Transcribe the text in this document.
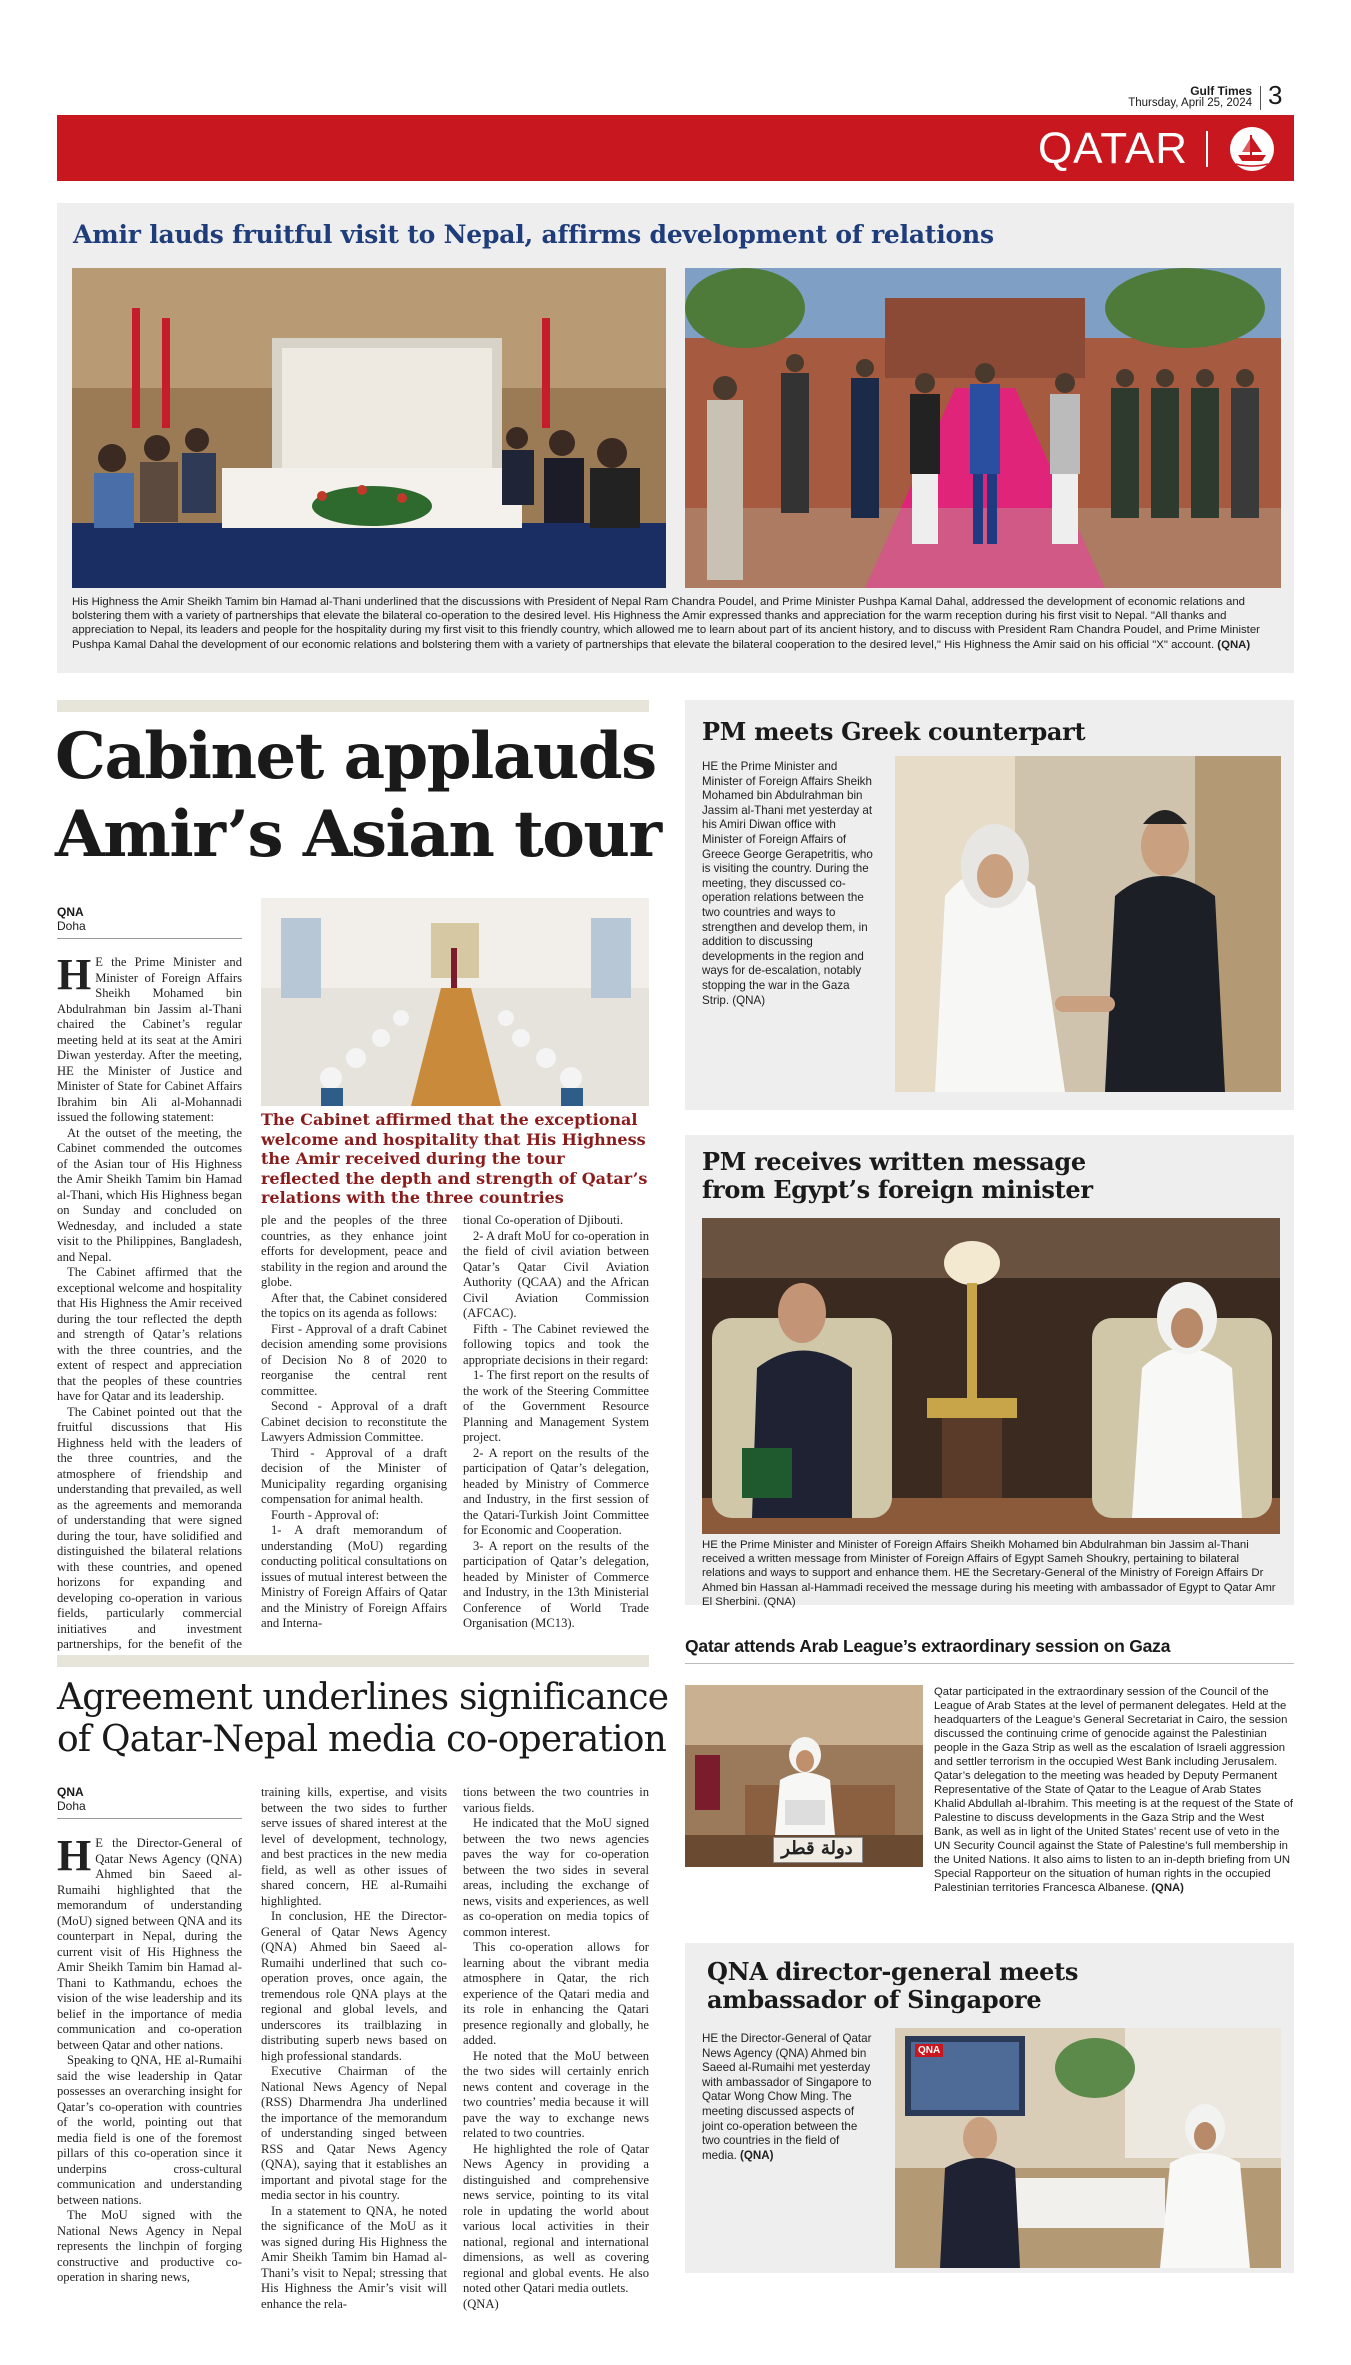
Gulf Times
Thursday, April 25, 2024 3
QATAR
Amir lauds fruitful visit to Nepal, affirms development of relations
His Highness the Amir Sheikh Tamim bin Hamad al-Thani underlined that the discussions with President of Nepal Ram Chandra Poudel, and Prime Minister Pushpa Kamal Dahal, addressed the development of economic relations and bolstering them with a variety of partnerships that elevate the bilateral co-operation to the desired level. His Highness the Amir expressed thanks and appreciation for the warm reception during his first visit to Nepal. "All thanks and appreciation to Nepal, its leaders and people for the hospitality during my first visit to this friendly country, which allowed me to learn about part of its ancient history, and to discuss with President Ram Chandra Poudel, and Prime Minister Pushpa Kamal Dahal the development of our economic relations and bolstering them with a variety of partnerships that elevate the bilateral cooperation to the desired level," His Highness the Amir said on his official "X" account. (QNA)
Cabinet applauds
Amir’s Asian tour
QNA
Doha

HE the Prime Minister and Minister of Foreign Affairs Sheikh Mohamed bin Abdulrahman bin Jassim al-Thani chaired the Cabinet’s regular meeting held at its seat at the Amiri Diwan yesterday. After the meeting, HE the Minister of Justice and Minister of State for Cabinet Affairs Ibrahim bin Ali al-Mohannadi issued the following statement:

At the outset of the meeting, the Cabinet commended the outcomes of the Asian tour of His Highness the Amir Sheikh Tamim bin Hamad al-Thani, which His Highness began on Sunday and concluded on Wednesday, and included a state visit to the Philippines, Bangladesh, and Nepal.

The Cabinet affirmed that the exceptional welcome and hospitality that His Highness the Amir received during the tour reflected the depth and strength of Qatar’s relations with the three countries, and the extent of respect and appreciation that the peoples of these countries have for Qatar and its leadership.

The Cabinet pointed out that the fruitful discussions that His Highness held with the leaders of the three countries, and the atmosphere of friendship and understanding that prevailed, as well as the agreements and memoranda of understanding that were signed during the tour, have solidified and distinguished the bilateral relations with these countries, and opened horizons for expanding and developing co-operation in various fields, particularly commercial initiatives and investment partnerships, for the benefit of the

The Cabinet affirmed that the exceptional welcome and hospitality that His Highness the Amir received during the tour reflected the depth and strength of Qatar’s relations with the three countries

ple and the peoples of the three countries, as they enhance joint efforts for development, peace and stability in the region and around the globe.

After that, the Cabinet considered the topics on its agenda as follows:

First - Approval of a draft Cabinet decision amending some provisions of Decision No 8 of 2020 to reorganise the central rent committee.

Second - Approval of a draft Cabinet decision to reconstitute the Lawyers Admission Committee.

Third - Approval of a draft decision of the Minister of Municipality regarding organising compensation for animal health.

Fourth - Approval of:

1- A draft memorandum of understanding (MoU) regarding conducting political consultations on issues of mutual interest between the Ministry of Foreign Affairs of Qatar and the Ministry of Foreign Affairs and Interna-

tional Co-operation of Djibouti.

2- A draft MoU for co-operation in the field of civil aviation between Qatar’s Qatar Civil Aviation Authority (QCAA) and the African Civil Aviation Commission (AFCAC).

Fifth - The Cabinet reviewed the following topics and took the appropriate decisions in their regard:

1- The first report on the results of the work of the Steering Committee of the Government Resource Planning and Management System project.

2- A report on the results of the participation of Qatar’s delegation, headed by Ministry of Commerce and Industry, in the first session of the Qatari-Turkish Joint Committee for Economic and Cooperation.

3- A report on the results of the participation of Qatar’s delegation, headed by Minister of Commerce and Industry, in the 13th Ministerial Conference of World Trade Organisation (MC13).

PM meets Greek counterpart
HE the Prime Minister and Minister of Foreign Affairs Sheikh Mohamed bin Abdulrahman bin Jassim al-Thani met yesterday at his Amiri Diwan office with Minister of Foreign Affairs of Greece George Gerapetritis, who is visiting the country. During the meeting, they discussed co-operation relations between the two countries and ways to strengthen and develop them, in addition to discussing developments in the region and ways for de-escalation, notably stopping the war in the Gaza Strip. (QNA)
PM receives written message
from Egypt’s foreign minister
HE the Prime Minister and Minister of Foreign Affairs Sheikh Mohamed bin Abdulrahman bin Jassim al-Thani received a written message from Minister of Foreign Affairs of Egypt Sameh Shoukry, pertaining to bilateral relations and ways to support and enhance them. HE the Secretary-General of the Ministry of Foreign Affairs Dr Ahmed bin Hassan al-Hammadi received the message during his meeting with ambassador of Egypt to Qatar Amr El Sherbini. (QNA)
Qatar attends Arab League’s extraordinary session on Gaza
دولة قطر
Qatar participated in the extraordinary session of the Council of the League of Arab States at the level of permanent delegates. Held at the headquarters of the League’s General Secretariat in Cairo, the session discussed the continuing crime of genocide against the Palestinian people in the Gaza Strip as well as the escalation of Israeli aggression and settler terrorism in the occupied West Bank including Jerusalem. Qatar’s delegation to the meeting was headed by Deputy Permanent Representative of the State of Qatar to the League of Arab States Khalid Abdullah al-Ibrahim. This meeting is at the request of the State of Palestine to discuss developments in the Gaza Strip and the West Bank, as well as in light of the United States’ recent use of veto in the UN Security Council against the State of Palestine’s full membership in the United Nations. It also aims to listen to an in-depth briefing from UN Special Rapporteur on the situation of human rights in the occupied Palestinian territories Francesca Albanese. (QNA)
Agreement underlines significance
of Qatar-Nepal media co-operation
QNA
Doha

HE the Director-General of Qatar News Agency (QNA) Ahmed bin Saeed al-Rumaihi highlighted that the memorandum of understanding (MoU) signed between QNA and its counterpart in Nepal, during the current visit of His Highness the Amir Sheikh Tamim bin Hamad al-Thani to Kathmandu, echoes the vision of the wise leadership and its belief in the importance of media communication and co-operation between Qatar and other nations.

Speaking to QNA, HE al-Rumaihi said the wise leadership in Qatar possesses an overarching insight for Qatar’s co-operation with countries of the world, pointing out that media field is one of the foremost pillars of this co-operation since it underpins cross-cultural communication and understanding between nations.

The MoU signed with the National News Agency in Nepal represents the linchpin of forging constructive and productive co-operation in sharing news,

training kills, expertise, and visits between the two sides to further serve issues of shared interest at the level of development, technology, and best practices in the new media field, as well as other issues of shared concern, HE al-Rumaihi highlighted.

In conclusion, HE the Director-General of Qatar News Agency (QNA) Ahmed bin Saeed al-Rumaihi underlined that such co-operation proves, once again, the tremendous role QNA plays at the regional and global levels, and underscores its trailblazing in distributing superb news based on high professional standards.

Executive Chairman of the National News Agency of Nepal (RSS) Dharmendra Jha underlined the importance of the memorandum of understanding singed between RSS and Qatar News Agency (QNA), saying that it establishes an important and pivotal stage for the media sector in his country.

In a statement to QNA, he noted the significance of the MoU as it was signed during His Highness the Amir Sheikh Tamim bin Hamad al-Thani’s visit to Nepal; stressing that His Highness the Amir’s visit will enhance the rela-

tions between the two countries in various fields.

He indicated that the MoU signed between the two news agencies paves the way for co-operation between the two sides in several areas, including the exchange of news, visits and experiences, as well as co-operation on media topics of common interest.

This co-operation allows for learning about the vibrant media atmosphere in Qatar, the rich experience of the Qatari media and its role in enhancing the Qatari presence regionally and globally, he added.

He noted that the MoU between the two sides will certainly enrich news content and coverage in the two countries’ media because it will pave the way to exchange news related to two countries.

He highlighted the role of Qatar News Agency in providing a distinguished and comprehensive news service, pointing to its vital role in updating the world about various local activities in their national, regional and international dimensions, as well as covering regional and global events. He also noted other Qatari media outlets.

(QNA)

QNA director-general meets
ambassador of Singapore
HE the Director-General of Qatar News Agency (QNA) Ahmed bin Saeed al-Rumaihi met yesterday with ambassador of Singapore to Qatar Wong Chow Ming. The meeting discussed aspects of joint co-operation between the two countries in the field of media. (QNA)
QNA
